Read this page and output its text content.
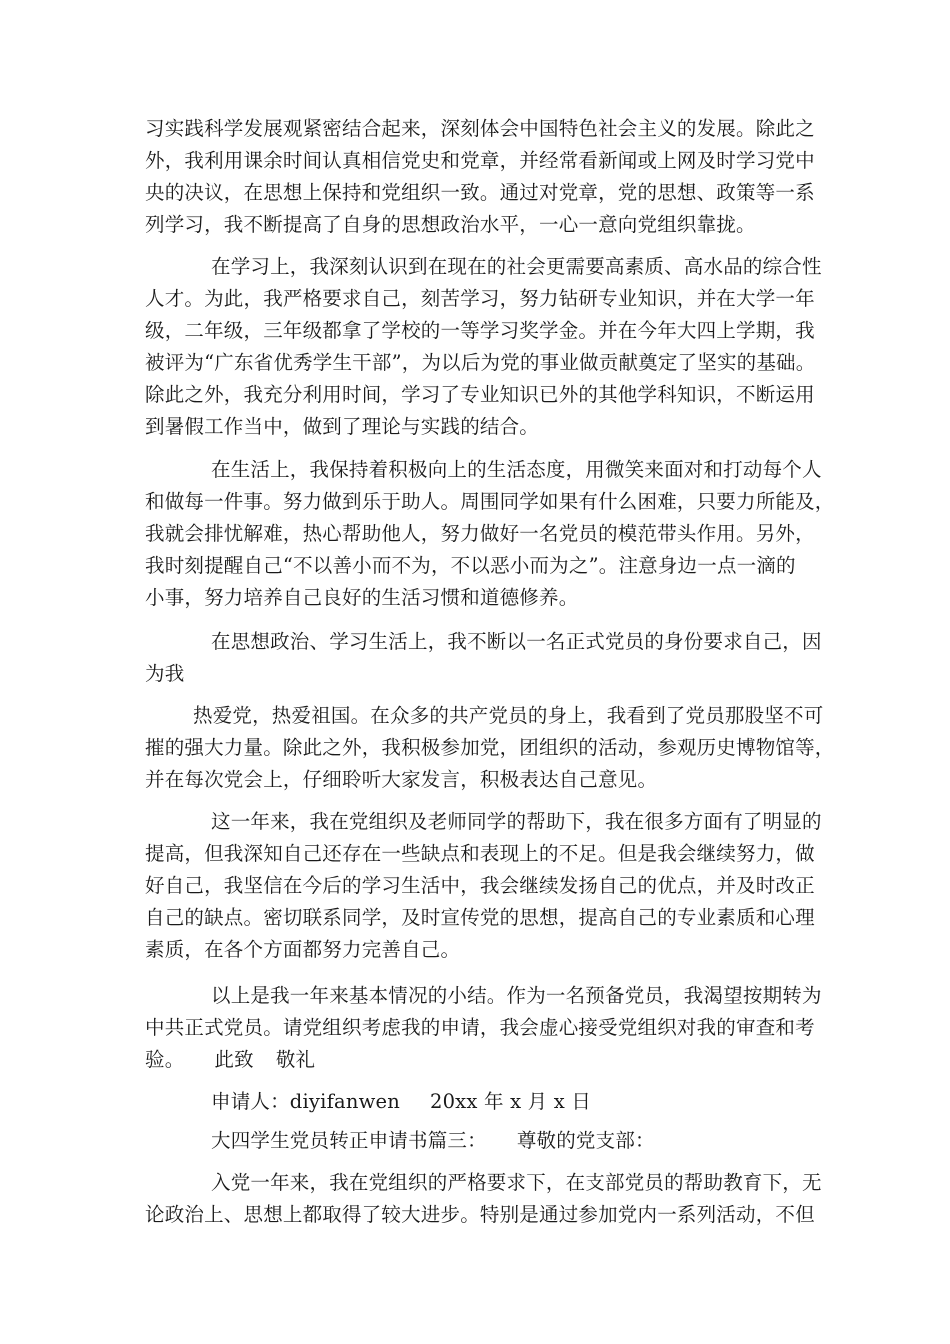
习实践科学发展观紧密结合起来，深刻体会中国特色社会主义的发展。除此之
外，我利用课余时间认真相信党史和党章，并经常看新闻或上网及时学习党中
央的决议，在思想上保持和党组织一致。通过对党章，党的思想、政策等一系
列学习，我不断提高了自身的思想政治水平，一心一意向党组织靠拢。
在学习上，我深刻认识到在现在的社会更需要高素质、高水品的综合性
人才。为此，我严格要求自己，刻苦学习，努力钻研专业知识，并在大学一年
级，二年级，三年级都拿了学校的一等学习奖学金。并在今年大四上学期，我
被评为“广东省优秀学生干部”，为以后为党的事业做贡献奠定了坚实的基础。
除此之外，我充分利用时间，学习了专业知识已外的其他学科知识，不断运用
到暑假工作当中，做到了理论与实践的结合。
在生活上，我保持着积极向上的生活态度，用微笑来面对和打动每个人
和做每一件事。努力做到乐于助人。周围同学如果有什么困难，只要力所能及，
我就会排忧解难，热心帮助他人，努力做好一名党员的模范带头作用。另外，
我时刻提醒自己“不以善小而不为，不以恶小而为之”。注意身边一点一滴的
小事，努力培养自己良好的生活习惯和道德修养。
在思想政治、学习生活上，我不断以一名正式党员的身份要求自己，因
为我
热爱党，热爱祖国。在众多的共产党员的身上，我看到了党员那股坚不可
摧的强大力量。除此之外，我积极参加党，团组织的活动，参观历史博物馆等，
并在每次党会上，仔细聆听大家发言，积极表达自己意见。
这一年来，我在党组织及老师同学的帮助下，我在很多方面有了明显的
提高，但我深知自己还存在一些缺点和表现上的不足。但是我会继续努力，做
好自己，我坚信在今后的学习生活中，我会继续发扬自己的优点，并及时改正
自己的缺点。密切联系同学，及时宣传党的思想，提高自己的专业素质和心理
素质，在各个方面都努力完善自己。
以上是我一年来基本情况的小结。作为一名预备党员，我渴望按期转为
中共正式党员。请党组织考虑我的申请，我会虚心接受党组织对我的审查和考
验。 此致 敬礼
申请人：diyifanwen 20xx 年 x 月 x 日
大四学生党员转正申请书篇三： 尊敬的党支部：
入党一年来，我在党组织的严格要求下，在支部党员的帮助教育下，无
论政治上、思想上都取得了较大进步。特别是通过参加党内一系列活动，不但
